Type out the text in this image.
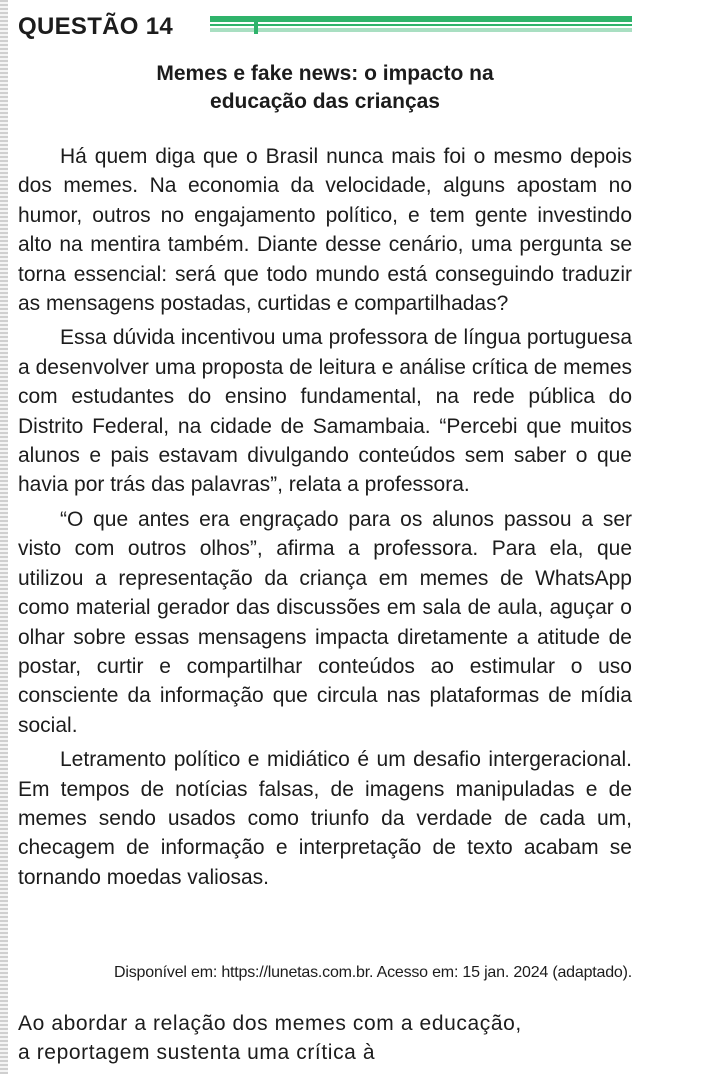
QUESTÃO 14
Memes e fake news: o impacto na
educação das crianças

Há quem diga que o Brasil nunca mais foi o mesmo depois dos memes. Na economia da velocidade, alguns apostam no humor, outros no engajamento político, e tem gente investindo alto na mentira também. Diante desse cenário, uma pergunta se torna essencial: será que todo mundo está conseguindo traduzir as mensagens postadas, curtidas e compartilhadas?

Essa dúvida incentivou uma professora de língua portuguesa a desenvolver uma proposta de leitura e análise crítica de memes com estudantes do ensino fundamental, na rede pública do Distrito Federal, na cidade de Samambaia. “Percebi que muitos alunos e pais estavam divulgando conteúdos sem saber o que havia por trás das palavras”, relata a professora.

“O que antes era engraçado para os alunos passou a ser visto com outros olhos”, afirma a professora. Para ela, que utilizou a representação da criança em memes de WhatsApp como material gerador das discussões em sala de aula, aguçar o olhar sobre essas mensagens impacta diretamente a atitude de postar, curtir e compartilhar conteúdos ao estimular o uso consciente da informação que circula nas plataformas de mídia social.

Letramento político e midiático é um desafio intergeracional. Em tempos de notícias falsas, de imagens manipuladas e de memes sendo usados como triunfo da verdade de cada um, checagem de informação e interpretação de texto acabam se tornando moedas valiosas.

Disponível em: https://lunetas.com.br. Acesso em: 15 jan. 2024 (adaptado).
Ao abordar a relação dos memes com a educação,
a reportagem sustenta uma crítica à
